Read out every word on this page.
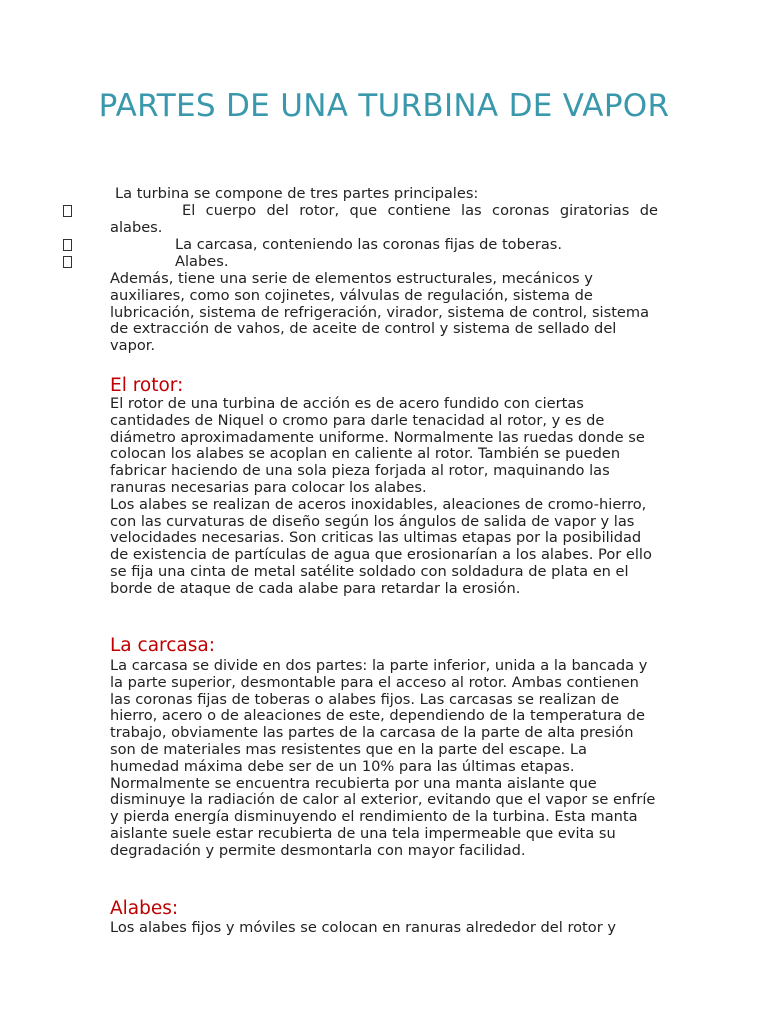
PARTES DE UNA TURBINA DE VAPOR

La turbina se compone de tres partes principales:

El cuerpo del rotor, que contiene las coronas giratorias de alabes.

La carcasa, conteniendo las coronas fijas de toberas.

Alabes.

Además, tiene una serie de elementos estructurales, mecánicos y auxiliares, como son cojinetes, válvulas de regulación, sistema de lubricación, sistema de refrigeración, virador, sistema de control, sistema de extracción de vahos, de aceite de control y sistema de sellado del vapor.

El rotor:

El rotor de una turbina de acción es de acero fundido con ciertas cantidades de Niquel o cromo para darle tenacidad al rotor, y es de diámetro aproximadamente uniforme. Normalmente las ruedas donde se colocan los alabes se acoplan en caliente al rotor. También se pueden fabricar haciendo de una sola pieza forjada al rotor, maquinando las ranuras necesarias para colocar los alabes.

Los alabes se realizan de aceros inoxidables, aleaciones de cromo-hierro, con las curvaturas de diseño según los ángulos de salida de vapor y las velocidades necesarias. Son criticas las ultimas etapas por la posibilidad de existencia de partículas de agua que erosionarían a los alabes. Por ello se fija una cinta de metal satélite soldado con soldadura de plata en el borde de ataque de cada alabe para retardar la erosión.

La carcasa:

La carcasa se divide en dos partes: la parte inferior, unida a la bancada y la parte superior, desmontable para el acceso al rotor. Ambas contienen las coronas fijas de toberas o alabes fijos. Las carcasas se realizan de hierro, acero o de aleaciones de este, dependiendo de la temperatura de trabajo, obviamente las partes de la carcasa de la parte de alta presión son de materiales mas resistentes que en la parte del escape. La humedad máxima debe ser de un 10% para las últimas etapas.

Normalmente se encuentra recubierta por una manta aislante que disminuye la radiación de calor al exterior, evitando que el vapor se enfríe y pierda energía disminuyendo el rendimiento de la turbina. Esta manta aislante suele estar recubierta de una tela impermeable que evita su degradación y permite desmontarla con mayor facilidad.

Alabes:

Los alabes fijos y móviles se colocan en ranuras alrededor del rotor y
